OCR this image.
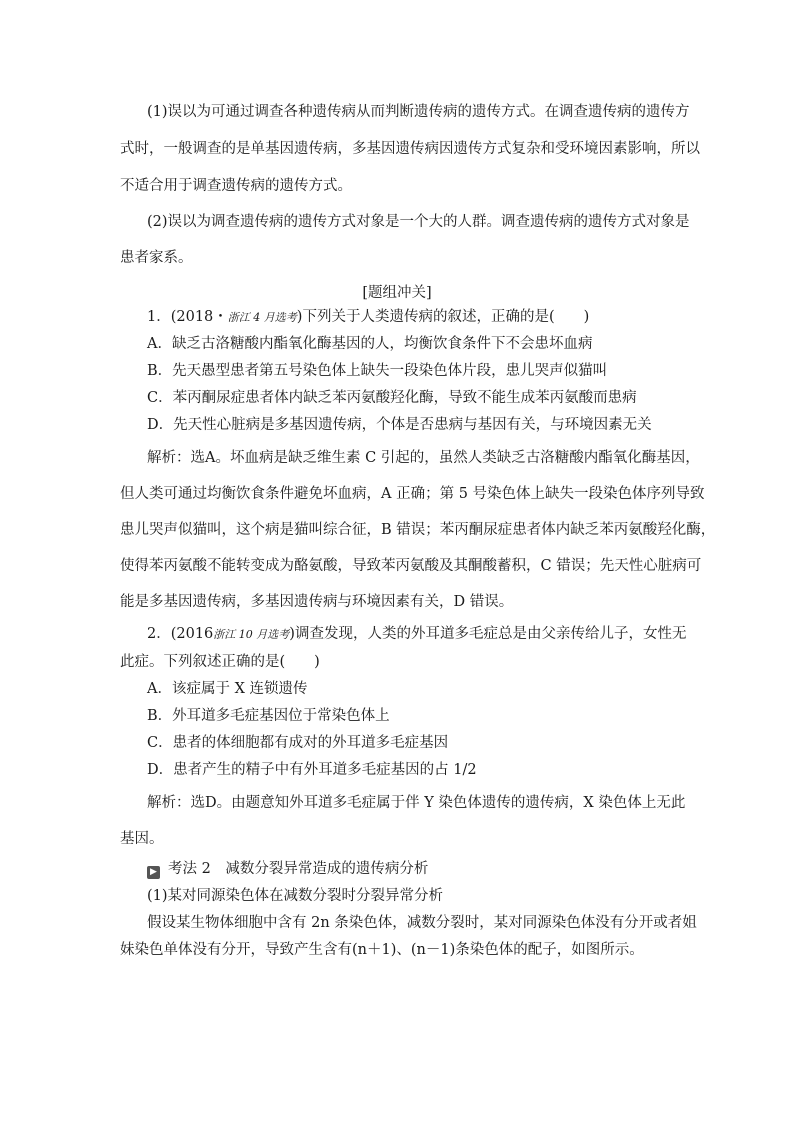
(1)误以为可通过调查各种遗传病从而判断遗传病的遗传方式。在调查遗传病的遗传方
式时，一般调查的是单基因遗传病，多基因遗传病因遗传方式复杂和受环境因素影响，所以
不适合用于调查遗传病的遗传方式。
(2)误以为调查遗传病的遗传方式对象是一个大的人群。调查遗传病的遗传方式对象是
患者家系。
[题组冲关]
1．(2018・浙江 4 月选考)下列关于人类遗传病的叙述，正确的是(　　)
A．缺乏古洛糖酸内酯氧化酶基因的人，均衡饮食条件下不会患坏血病
B．先天愚型患者第五号染色体上缺失一段染色体片段，患儿哭声似猫叫
C．苯丙酮尿症患者体内缺乏苯丙氨酸羟化酶，导致不能生成苯丙氨酸而患病
D．先天性心脏病是多基因遗传病，个体是否患病与基因有关，与环境因素无关
解析：选A。坏血病是缺乏维生素 C 引起的，虽然人类缺乏古洛糖酸内酯氧化酶基因，
但人类可通过均衡饮食条件避免坏血病，A 正确；第 5 号染色体上缺失一段染色体序列导致
患儿哭声似猫叫，这个病是猫叫综合征，B 错误；苯丙酮尿症患者体内缺乏苯丙氨酸羟化酶，
使得苯丙氨酸不能转变成为酪氨酸，导致苯丙氨酸及其酮酸蓄积，C 错误；先天性心脏病可
能是多基因遗传病，多基因遗传病与环境因素有关，D 错误。
2．(2016浙江 10 月选考)调查发现，人类的外耳道多毛症总是由父亲传给儿子，女性无
此症。下列叙述正确的是(　　)
A．该症属于 X 连锁遗传
B．外耳道多毛症基因位于常染色体上
C．患者的体细胞都有成对的外耳道多毛症基因
D．患者产生的精子中有外耳道多毛症基因的占 1/2
解析：选D。由题意知外耳道多毛症属于伴 Y 染色体遗传的遗传病，X 染色体上无此
基因。
▶ 考法 2　减数分裂异常造成的遗传病分析
(1)某对同源染色体在减数分裂时分裂异常分析
假设某生物体细胞中含有 2n 条染色体，减数分裂时，某对同源染色体没有分开或者姐
妹染色单体没有分开，导致产生含有(n＋1)、(n－1)条染色体的配子，如图所示。
